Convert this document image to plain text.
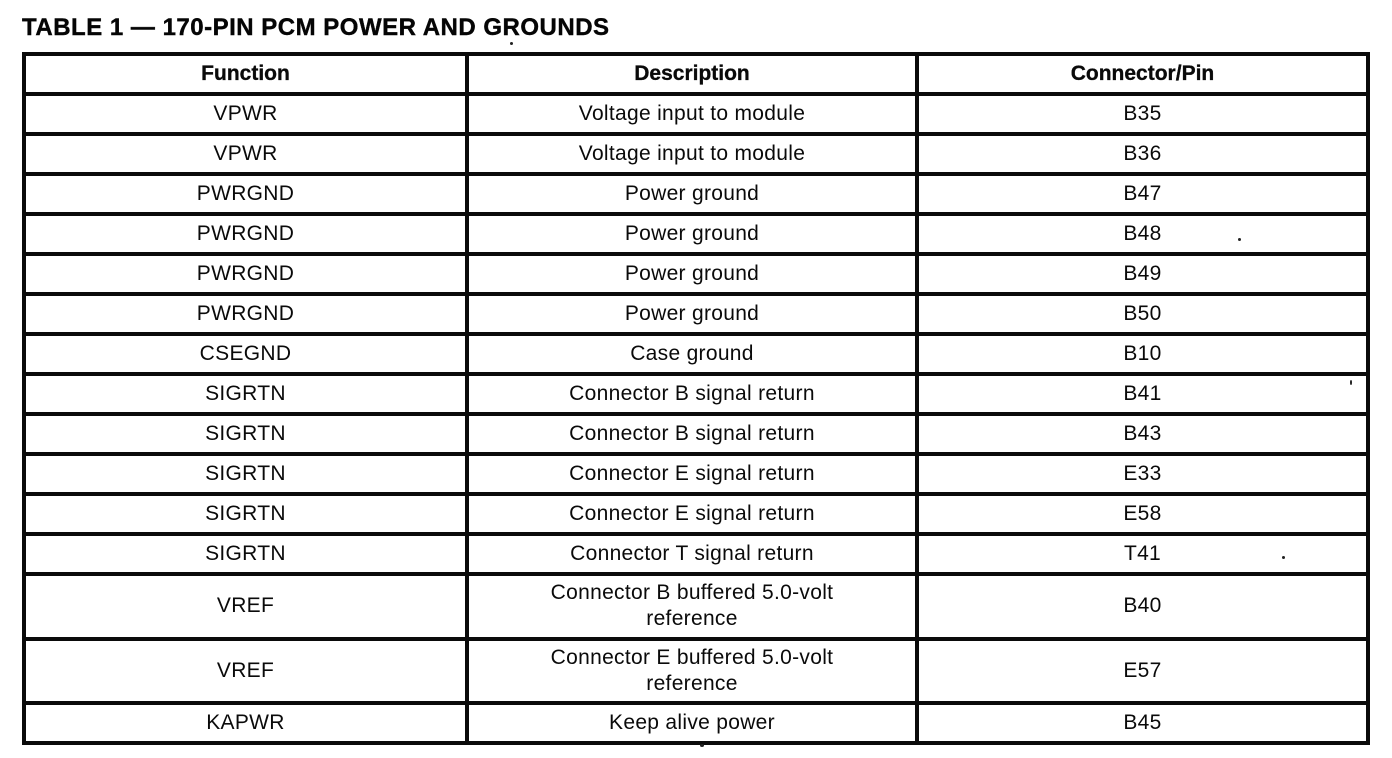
TABLE 1 — 170-PIN PCM POWER AND GROUNDS
Function	Description	Connector/Pin
VPWR	Voltage input to module	B35
VPWR	Voltage input to module	B36
PWRGND	Power ground	B47
PWRGND	Power ground	B48
PWRGND	Power ground	B49
PWRGND	Power ground	B50
CSEGND	Case ground	B10
SIGRTN	Connector B signal return	B41
SIGRTN	Connector B signal return	B43
SIGRTN	Connector E signal return	E33
SIGRTN	Connector E signal return	E58
SIGRTN	Connector T signal return	T41
VREF	Connector B buffered 5.0-volt reference	B40
VREF	Connector E buffered 5.0-volt reference	E57
KAPWR	Keep alive power	B45
